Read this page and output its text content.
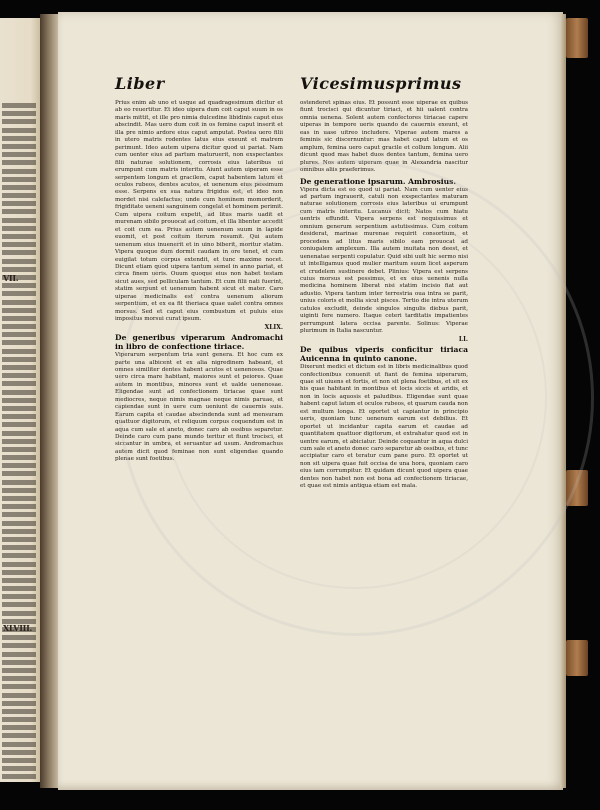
VII.
XLVIII.
Liber	Vicesimusprimus

Prius enim ab uno et usque ad quadragesimum dicitur et ab eo reuertitur. Et ideo uipera dum coit caput suum in os maris mittit, et ille pro nimia dulcedine libidinis caput eius abscindit. Mas uero dum coit in os femine caput inserit et illa pre nimio ardore eius caput amputat. Postea uero filii in utero matris rodentes latus eius exeunt et matrem perimunt. Ideo autem uipera dicitur quod ui pariat. Nam cum uenter eius ad partum maturuerit, non exspectantes filii naturae solutionem, corrosis eius lateribus ui erumpunt cum matris interitu. Aiunt autem uiperam esse serpentem longum et gracilem, caput habentem latum et oculos rubeos, dentes acutos, et uenenum eius pessimum esse. Serpens ex sua natura frigidus est, et ideo non mordet nisi calefactus; unde cum hominem momorderit, frigiditate ueneni sanguinem congelat et hominem perimit. Cum uipera coitum expetit, ad litus maris uadit et murenam sibilo prouocat ad coitum, et illa libenter accedit et coit cum ea. Prius autem uenenum suum in lapide euomit, et post coitum iterum resumit. Qui autem uenenum eius inuenerit et in uino biberit, moritur statim. Vipera quoque dum dormit caudam in ore tenet, et cum euigilat totum corpus extendit, et tunc maxime nocet. Dicunt etiam quod uipera tantum semel in anno pariat, et circa finem ueris. Ouum quoque eius non habet testam sicut aues, sed pelliculam tantum. Et cum filii nati fuerint, statim serpunt et uenenum habent sicut et mater. Caro uiperae medicinalis est contra uenenum aliorum serpentium, et ex ea fit theriaca quae ualet contra omnes morsus. Sed et caput eius combustum et puluis eius impositus morsui curat ipsum.

XLIX.
De generibus viperarum Andromachi in libro de confectione tiriace.

Viperarum serpentum tria sunt genera. Et hoc cum ex parte una albicent et ex alia nigredinem habeant, et omnes similiter dentes habent acutos et uenenosos. Quae uero circa mare habitant, maiores sunt et peiores. Quae autem in montibus, minores sunt et ualde uenenosae. Eligendae sunt ad confectionem tiriacae quae sunt mediocres, neque nimis magnae neque nimis paruae, et capiendae sunt in uere cum ueniunt de cauernis suis. Earum capita et caudae abscindenda sunt ad mensuram quattuor digitorum, et reliquum corpus coquendum est in aqua cum sale et aneto, donec caro ab ossibus separetur. Deinde caro cum pane mundo teritur et fiunt trocisci, et siccantur in umbra, et seruantur ad usum. Andromachus autem dicit quod feminae non sunt eligendae quando plenae sunt foetibus.

ostenderet spinas eius. Et possunt esse uiperae ex quibus fiunt trocisci qui dicuntur tiriaci, et hii ualent contra omnia uenena. Solent autem confectores tiriacae capere uiperas in tempore ueris quando de cauernis exeunt, et eas in uase uitreo includere. Viperae autem mares a feminis sic discernuntur: mas habet caput latum et os amplum, femina uero caput gracile et collum longum. Alii dicunt quod mas habet duos dentes tantum, femina uero plures. Nos autem uiperam quae in Alexandria nascitur omnibus aliis praeferimus.

De generatione ipsarum. Ambrosius.

Vipera dicta est eo quod ui pariat. Nam cum uenter eius ad partum ingrauerit, catuli non exspectantes maturam naturae solutionem corrosis eius lateribus ui erumpunt cum matris interitu. Lucanus dicit: Natos cum hiatu uentris effundit. Vipera serpens est nequissimus et omnium generum serpentium astutissimus. Cum coitum desiderat, marinae murenae requirit consortium, et procedens ad litus maris sibilo eam prouocat ad coniugalem amplexum. Illa autem inuitata non deest, et uenenatae serpenti copulatur. Quid sibi uult hic sermo nisi ut intelligamus quod mulier maritum suum licet asperum et crudelem sustinere debet. Plinius: Vipera est serpens cuius morsus est pessimus, et ex eius uenenis nulla medicina hominem liberat nisi statim incisio fiat aut adustio. Vipera tantum inter terrestria oua intra se parit, unius coloris et mollia sicut pisces. Tertio die intra uterum catulos excludit, deinde singulos singulis diebus parit, uiginti fere numero. Itaque ceteri tarditatis impatientes perrumpunt latera occisa parente. Solinus: Viperae plurimum in Italia nascuntur.

LI.
De quibus viperis conficitur tiriaca Auicenna in quinto canone.

Dixerunt medici et dictum est in libris medicinalibus quod confectionibus conuenit ut fiant de femina uiperarum, quae sit uiuens et fortis, et non sit plena foetibus, et sit ex his quae habitant in montibus et locis siccis et aridis, et non in locis aquosis et paludibus. Eligendae sunt quae habent caput latum et oculos rubeos, et quarum cauda non est multum longa. Et oportet ut capiantur in principio ueris, quoniam tunc uenenum earum est debilius. Et oportet ut incidantur capita earum et caudae ad quantitatem quattuor digitorum, et extrahatur quod est in uentre earum, et abiciatur. Deinde coquantur in aqua dulci cum sale et aneto donec caro separetur ab ossibus, et tunc accipiatur caro et teratur cum pane puro. Et oportet ut non sit uipera quae fuit occisa de una hora, quoniam caro eius iam corrumpitur. Et quidam dicunt quod uipera quae dentes non habet non est bona ad confectionem tiriacae, et quae est nimis antiqua etiam est mala.
